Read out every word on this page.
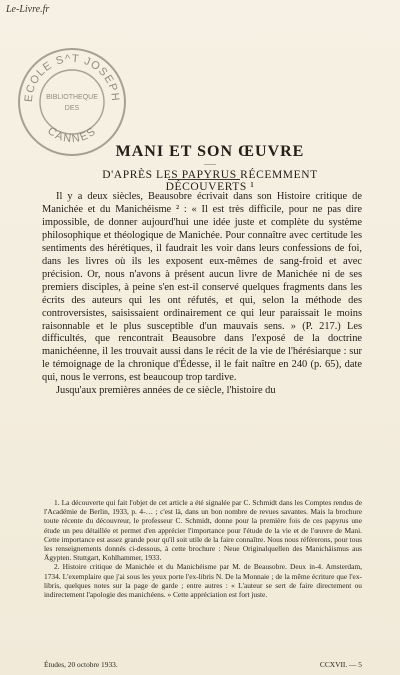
Le-Livre.fr
ECOLE S^T JOSEPH
CANNES
BIBLIOTHEQUE
DES
MANI ET SON ŒUVRE
——
D'APRÈS LES PAPYRUS RÉCEMMENT DÉCOUVERTS ¹

Il y a deux siècles, Beausobre écrivait dans son Histoire critique de Manichée et du Manichéisme ² : « Il est très difficile, pour ne pas dire impossible, de donner aujourd'hui une idée juste et complète du système philosophique et théologique de Manichée. Pour connaître avec certitude les sentiments des hérétiques, il faudrait les voir dans leurs confessions de foi, dans les livres où ils les exposent eux-mêmes de sang-froid et avec précision. Or, nous n'avons à présent aucun livre de Manichée ni de ses premiers disciples, à peine s'en est-il conservé quelques fragments dans les écrits des auteurs qui les ont réfutés, et qui, selon la méthode des controversistes, saisissaient ordinairement ce qui leur paraissait le moins raisonnable et le plus susceptible d'un mauvais sens. » (P. 217.) Les difficultés, que rencontrait Beausobre dans l'exposé de la doctrine manichéenne, il les trouvait aussi dans le récit de la vie de l'hérésiarque : sur le témoignage de la chronique d'Édesse, il le fait naître en 240 (p. 65), date qui, nous le verrons, est beaucoup trop tardive.

Jusqu'aux premières années de ce siècle, l'histoire du

1. La découverte qui fait l'objet de cet article a été signalée par C. Schmidt dans les Comptes rendus de l'Académie de Berlin, 1933, p. 4-… ; c'est là, dans un bon nombre de revues savantes. Mais la brochure toute récente du découvreur, le professeur C. Schmidt, donne pour la première fois de ces papyrus une étude un peu détaillée et permet d'en apprécier l'importance pour l'étude de la vie et de l'œuvre de Mani. Cette importance est assez grande pour qu'il soit utile de la faire connaître. Nous nous référerons, pour tous les renseignements donnés ci-dessous, à cette brochure : Neue Originalquellen des Manichäismus aus Ägypten. Stuttgart, Kohlhammer, 1933.

2. Histoire critique de Manichée et du Manichéisme par M. de Beausobre. Deux in-4. Amsterdam, 1734. L'exemplaire que j'ai sous les yeux porte l'ex-libris N. De la Monnaie ; de la même écriture que l'ex-libris, quelques notes sur la page de garde ; entre autres : « L'auteur se sert de faire directement ou indirectement l'apologie des manichéens. » Cette appréciation est fort juste.

Études, 20 octobre 1933.	CCXVII. — 5
